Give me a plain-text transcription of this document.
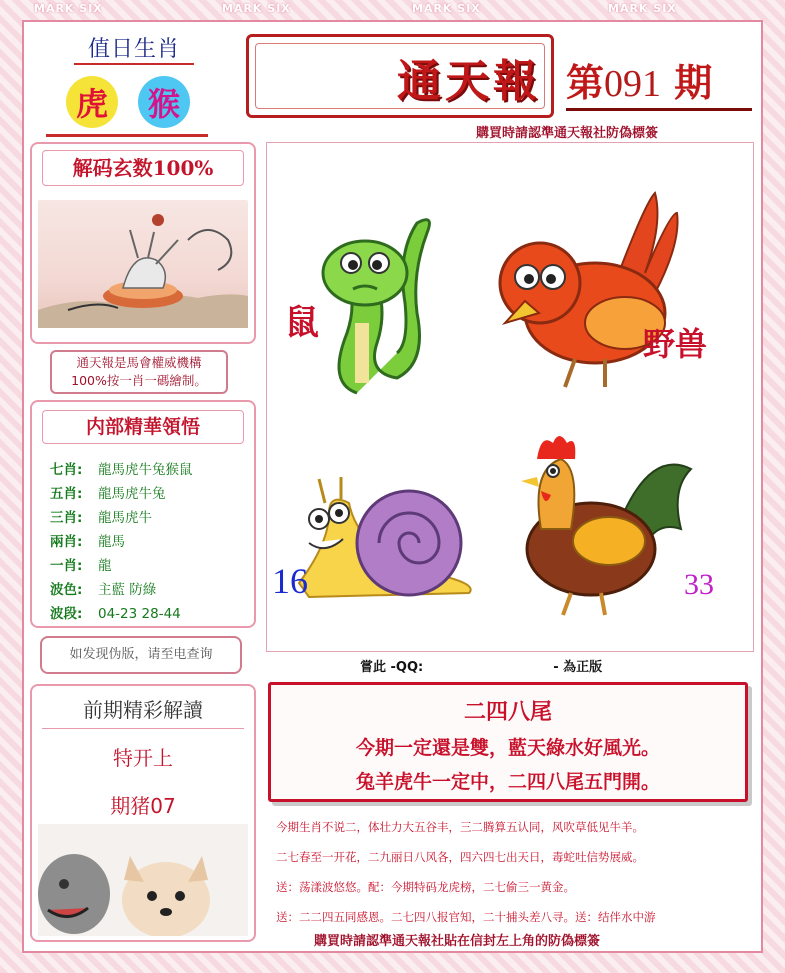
MARK SIX	MARK SIX	MARK SIX	MARK SIX
值日生肖
虎	猴	通天報 第091 期
購買時請認準通天報社防偽標簽
解码玄数100%
通天報是馬會權威機構
100%按一肖一碼繪制。
内部精華領悟
七肖: 龍馬虎牛兔猴鼠
五肖: 龍馬虎牛兔
三肖: 龍馬虎牛
兩肖: 龍馬
一肖: 龍
波色: 主藍 防綠
波段: 04-23 28-44
如发现伪版，请至电查询
前期精彩解讀
特开上
期猪07
鼠
野兽
16	33
嘗此 -QQ:	- 為正版
二四八尾
今期一定還是雙，藍天綠水好風光。
兔羊虎牛一定中，二四八尾五門開。
今期生肖不说二，体壮力大五谷丰，三二腾算五认同，风吹草低见牛羊。
二七春至一开花，二九丽日八风各，四六四七出天日，毒蛇吐信势展威。
送：荡漾波悠悠。配：今期特码龙虎榜，二七偷三一黄金。
送：二二四五同感恩。二七四八报官知，二十捕头差八寻。送：结伴水中游
購買時請認準通天報社貼在信封左上角的防偽標簽
